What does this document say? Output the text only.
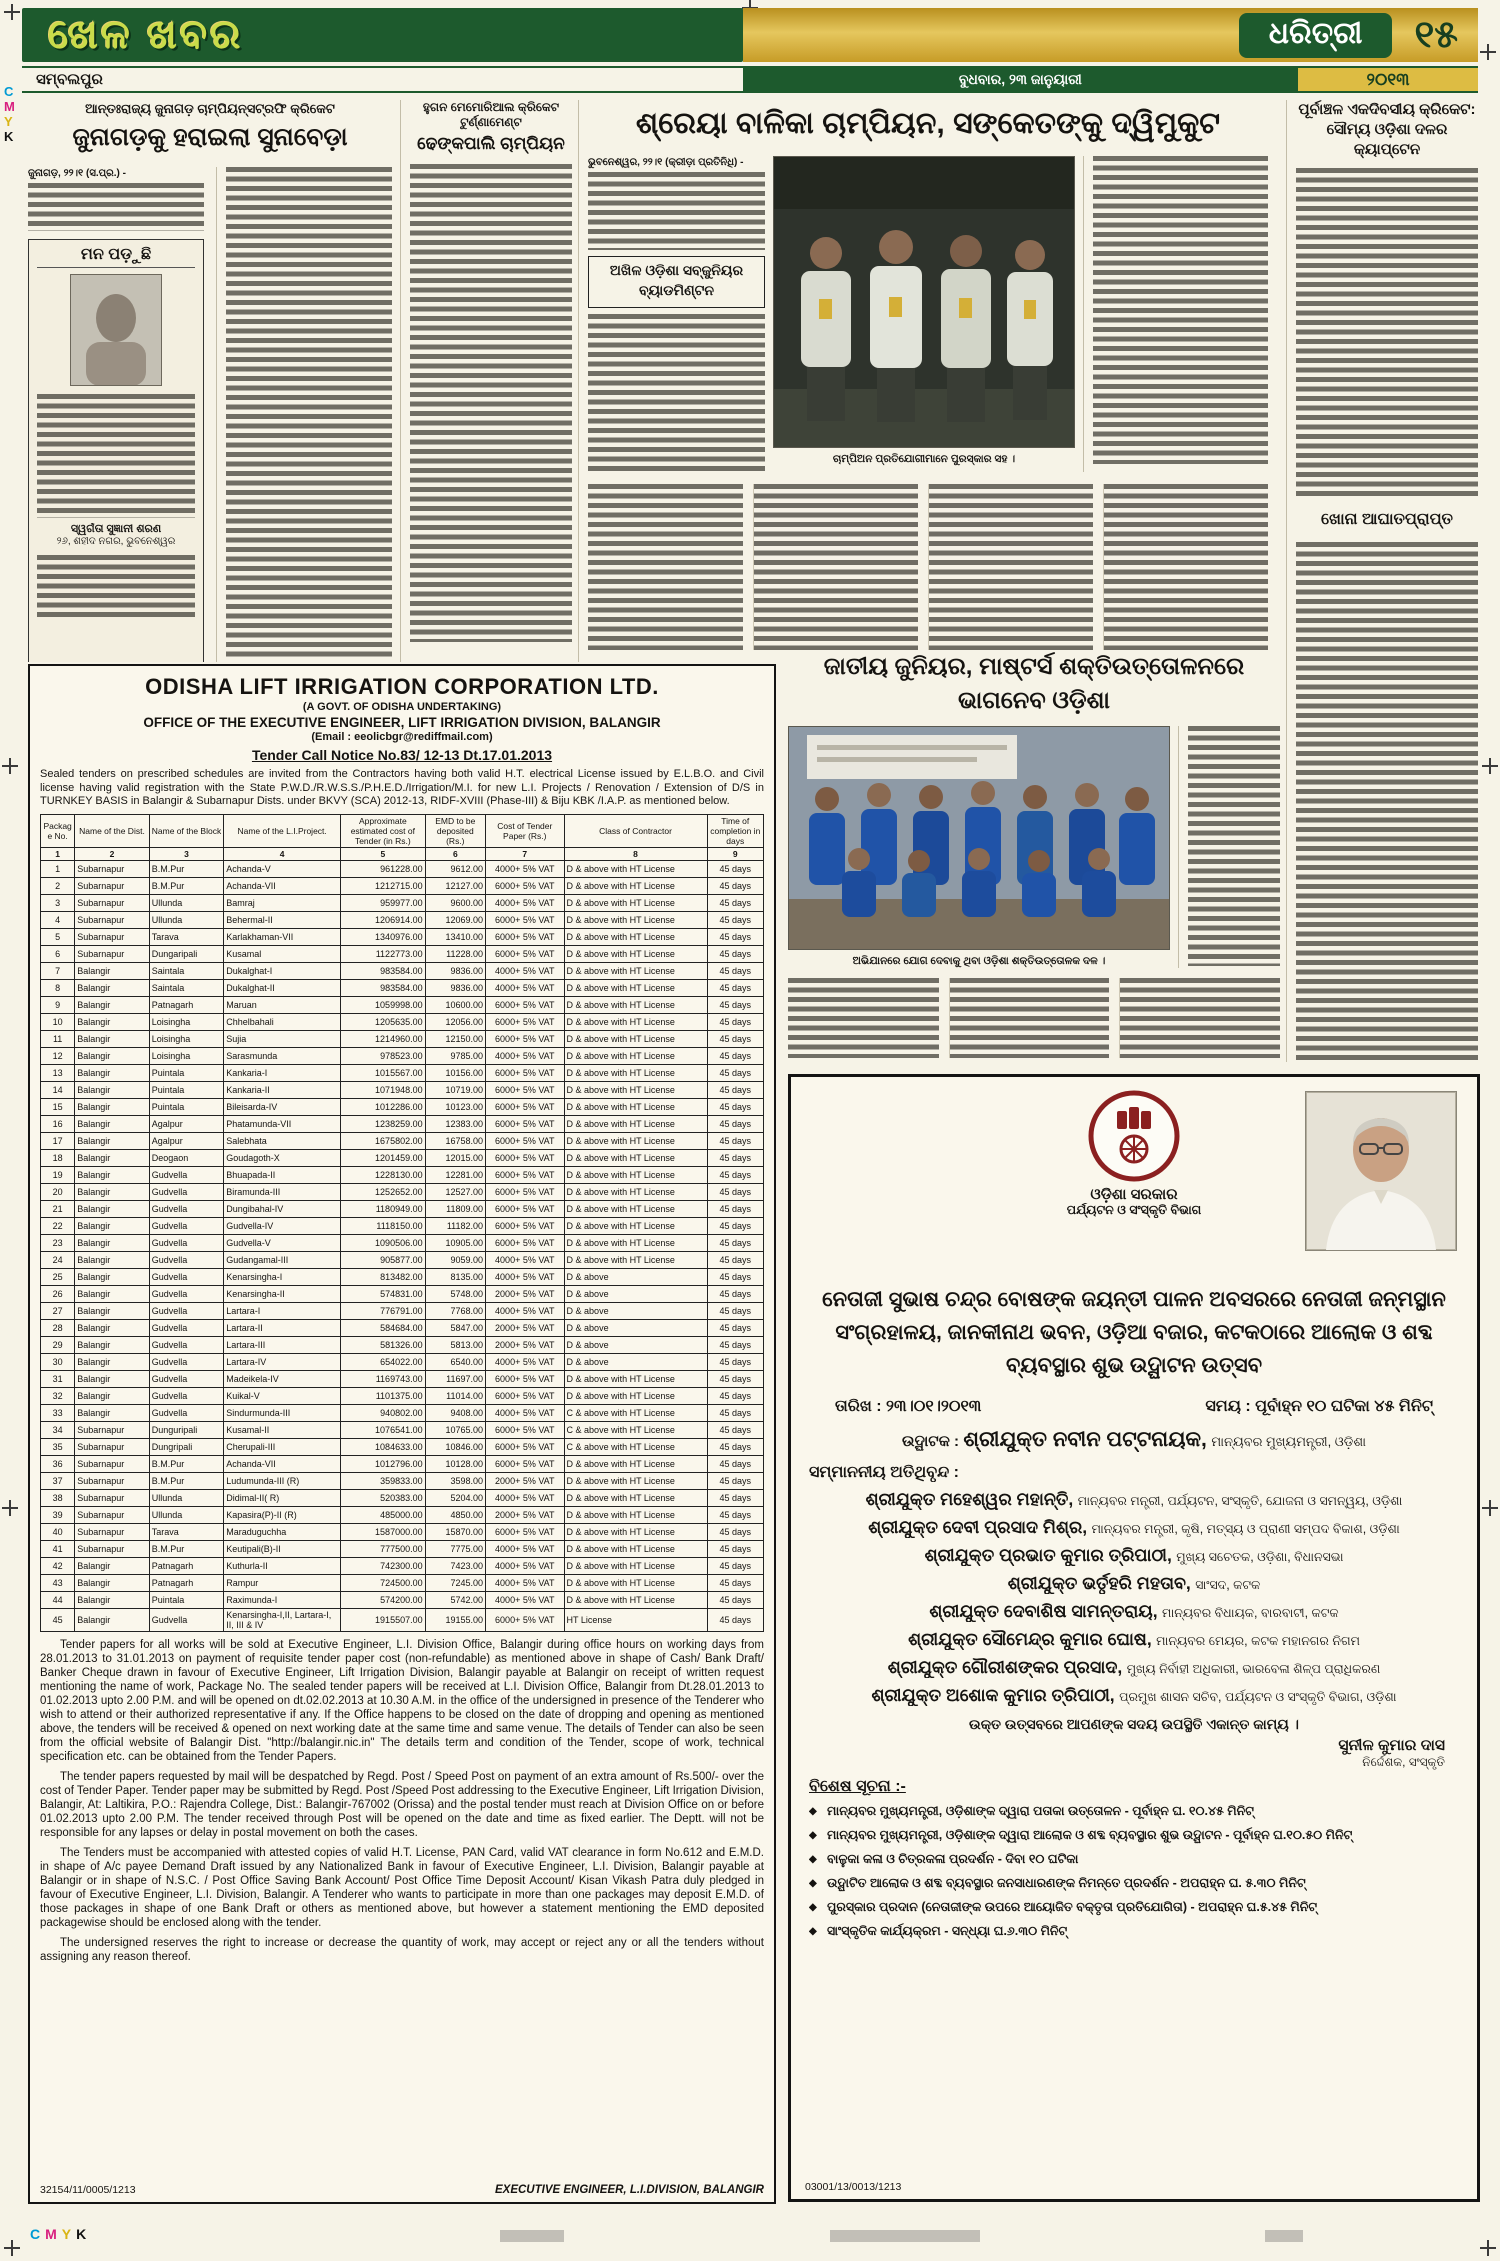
C
M
Y
K
C M Y K
ଖେଳ ଖବର	ଧରିତ୍ରୀ	୧୫
ସମ୍ବଲପୁର	ବୁଧବାର, ୨୩ ଜାନୁୟାରୀ	୨୦୧୩
ଆନ୍ତଃରାଜ୍ୟ ଜୁନାଗଡ଼ ଚାମ୍ପିୟନ୍ସଟ୍ରଫି କ୍ରିକେଟ
ଜୁନାଗଡ଼କୁ ହରାଇଲା ସୁନାବେଡ଼ା
ଜୁନାଗଡ଼, ୨୨।୧ (ସ.ପ୍ର.) -
ମନ ପଡ଼ୁଛି
ସ୍ୱର୍ଗତା ସୁଜ୍ଞାନୀ ଶରଣ
୨୬, ଶହୀଦ ନଗର, ଭୁବନେଶ୍ୱର
ହୁଗନ ମେମୋରିଆଲ କ୍ରିକେଟ ଟୁର୍ଣ୍ଣାମେଣ୍ଟ
ଢେଙ୍କପାଲି ଚାମ୍ପିୟନ
ଶ୍ରେୟା ବାଳିକା ଚାମ୍ପିୟନ, ସଙ୍କେତଙ୍କୁ ଦ୍ୱିମୁକୁଟ
ଭୁବନେଶ୍ୱର, ୨୨।୧ (କ୍ରୀଡ଼ା ପ୍ରତିନିଧି) -
ଅଖିଳ ଓଡ଼ିଶା ସବ୍‌ଜୁନିୟର ବ୍ୟାଡମିଣ୍ଟନ
ଚାମ୍ପିଅନ ପ୍ରତିଯୋଗୀମାନେ ପୁରସ୍କାର ସହ ।
ପୂର୍ବାଞ୍ଚଳ ଏକଦିବସୀୟ କ୍ରିକେଟ: ସୌମ୍ୟ ଓଡ଼ିଶା ଦଳର କ୍ୟାପ୍ଟେନ
ଖୋନା ଆଘାତପ୍ରାପ୍ତ
ଜାତୀୟ ଜୁନିୟର, ମାଷ୍ଟର୍ସ ଶକ୍ତିଉତ୍ତୋଳନରେ ଭାଗନେବ ଓଡ଼ିଶା
ଅଭିଯାନରେ ଯୋଗ ଦେବାକୁ ଥିବା ଓଡ଼ିଶା ଶକ୍ତିଉତ୍ତୋଳକ ଦଳ ।
ODISHA LIFT IRRIGATION CORPORATION LTD.
(A GOVT. OF ODISHA UNDERTAKING)
OFFICE OF THE EXECUTIVE ENGINEER, LIFT IRRIGATION DIVISION, BALANGIR
(Email : eeolicbgr@rediffmail.com)
Tender Call Notice No.83/ 12-13 Dt.17.01.2013
Sealed tenders on prescribed schedules are invited from the Contractors having both valid H.T. electrical License issued by E.L.B.O. and Civil license having valid registration with the State P.W.D./R.W.S.S./P.H.E.D./Irrigation/M.I. for new L.I. Projects / Renovation / Extension of D/S in TURNKEY BASIS in Balangir & Subarnapur Dists. under BKVY (SCA) 2012-13, RIDF-XVIII (Phase-III) & Biju KBK /I.A.P. as mentioned below.
Package No.	Name of the Dist.	Name of the Block	Name of the L.I.Project.	Approximate estimated cost of Tender (in Rs.)	EMD to be deposited (Rs.)	Cost of Tender Paper (Rs.)	Class of Contractor	Time of completion in days
1	2	3	4	5	6	7	8	9
1	Subarnapur	B.M.Pur	Achanda-V	961228.00	9612.00	4000+ 5% VAT	D & above with HT License	45 days
2	Subarnapur	B.M.Pur	Achanda-VII	1212715.00	12127.00	6000+ 5% VAT	D & above with HT License	45 days
3	Subarnapur	Ullunda	Bamraj	959977.00	9600.00	4000+ 5% VAT	D & above with HT License	45 days
4	Subarnapur	Ullunda	Behermal-II	1206914.00	12069.00	6000+ 5% VAT	D & above with HT License	45 days
5	Subarnapur	Tarava	Karlakhaman-VII	1340976.00	13410.00	6000+ 5% VAT	D & above with HT License	45 days
6	Subarnapur	Dungaripali	Kusamal	1122773.00	11228.00	6000+ 5% VAT	D & above with HT License	45 days
7	Balangir	Saintala	Dukalghat-I	983584.00	9836.00	4000+ 5% VAT	D & above with HT License	45 days
8	Balangir	Saintala	Dukalghat-II	983584.00	9836.00	4000+ 5% VAT	D & above with HT License	45 days
9	Balangir	Patnagarh	Maruan	1059998.00	10600.00	6000+ 5% VAT	D & above with HT License	45 days
10	Balangir	Loisingha	Chhelbahali	1205635.00	12056.00	6000+ 5% VAT	D & above with HT License	45 days
11	Balangir	Loisingha	Sujia	1214960.00	12150.00	6000+ 5% VAT	D & above with HT License	45 days
12	Balangir	Loisingha	Sarasmunda	978523.00	9785.00	4000+ 5% VAT	D & above with HT License	45 days
13	Balangir	Puintala	Kankaria-I	1015567.00	10156.00	6000+ 5% VAT	D & above with HT License	45 days
14	Balangir	Puintala	Kankaria-II	1071948.00	10719.00	6000+ 5% VAT	D & above with HT License	45 days
15	Balangir	Puintala	Bileisarda-IV	1012286.00	10123.00	6000+ 5% VAT	D & above with HT License	45 days
16	Balangir	Agalpur	Phatamunda-VII	1238259.00	12383.00	6000+ 5% VAT	D & above with HT License	45 days
17	Balangir	Agalpur	Salebhata	1675802.00	16758.00	6000+ 5% VAT	D & above with HT License	45 days
18	Balangir	Deogaon	Goudagoth-X	1201459.00	12015.00	6000+ 5% VAT	D & above with HT License	45 days
19	Balangir	Gudvella	Bhuapada-II	1228130.00	12281.00	6000+ 5% VAT	D & above with HT License	45 days
20	Balangir	Gudvella	Biramunda-III	1252652.00	12527.00	6000+ 5% VAT	D & above with HT License	45 days
21	Balangir	Gudvella	Dungibahal-IV	1180949.00	11809.00	6000+ 5% VAT	D & above with HT License	45 days
22	Balangir	Gudvella	Gudvella-IV	1118150.00	11182.00	6000+ 5% VAT	D & above with HT License	45 days
23	Balangir	Gudvella	Gudvella-V	1090506.00	10905.00	6000+ 5% VAT	D & above with HT License	45 days
24	Balangir	Gudvella	Gudangamal-III	905877.00	9059.00	4000+ 5% VAT	D & above with HT License	45 days
25	Balangir	Gudvella	Kenarsingha-I	813482.00	8135.00	4000+ 5% VAT	D & above	45 days
26	Balangir	Gudvella	Kenarsingha-II	574831.00	5748.00	2000+ 5% VAT	D & above	45 days
27	Balangir	Gudvella	Lartara-I	776791.00	7768.00	4000+ 5% VAT	D & above	45 days
28	Balangir	Gudvella	Lartara-II	584684.00	5847.00	2000+ 5% VAT	D & above	45 days
29	Balangir	Gudvella	Lartara-III	581326.00	5813.00	2000+ 5% VAT	D & above	45 days
30	Balangir	Gudvella	Lartara-IV	654022.00	6540.00	4000+ 5% VAT	D & above	45 days
31	Balangir	Gudvella	Madeikela-IV	1169743.00	11697.00	6000+ 5% VAT	D & above with HT License	45 days
32	Balangir	Gudvella	Kuikal-V	1101375.00	11014.00	6000+ 5% VAT	D & above with HT License	45 days
33	Balangir	Gudvella	Sindurmunda-III	940802.00	9408.00	4000+ 5% VAT	C & above with HT License	45 days
34	Subarnapur	Dunguripali	Kusamal-II	1076541.00	10765.00	6000+ 5% VAT	C & above with HT License	45 days
35	Subarnapur	Dungripali	Cherupali-III	1084633.00	10846.00	6000+ 5% VAT	C & above with HT License	45 days
36	Subarnapur	B.M.Pur	Achanda-VII	1012796.00	10128.00	6000+ 5% VAT	D & above with HT License	45 days
37	Subarnapur	B.M.Pur	Ludumunda-III (R)	359833.00	3598.00	2000+ 5% VAT	D & above with HT License	45 days
38	Subarnapur	Ullunda	Didimal-II( R)	520383.00	5204.00	4000+ 5% VAT	D & above with HT License	45 days
39	Subarnapur	Ullunda	Kapasira(P)-II (R)	485000.00	4850.00	2000+ 5% VAT	D & above with HT License	45 days
40	Subarnapur	Tarava	Maraduguchha	1587000.00	15870.00	6000+ 5% VAT	D & above with HT License	45 days
41	Subarnapur	B.M.Pur	Keutipali(B)-II	777500.00	7775.00	4000+ 5% VAT	D & above with HT License	45 days
42	Balangir	Patnagarh	Kuthurla-II	742300.00	7423.00	4000+ 5% VAT	D & above with HT License	45 days
43	Balangir	Patnagarh	Rampur	724500.00	7245.00	4000+ 5% VAT	D & above with HT License	45 days
44	Balangir	Puintala	Raximunda-I	574200.00	5742.00	4000+ 5% VAT	D & above with HT License	45 days
45	Balangir	Gudvella	Kenarsingha-I,II, Lartara-I, II, III & IV	1915507.00	19155.00	6000+ 5% VAT	HT License	45 days
Tender papers for all works will be sold at Executive Engineer, L.I. Division Office, Balangir during office hours on working days from 28.01.2013 to 31.01.2013 on payment of requisite tender paper cost (non-refundable) as mentioned above in shape of Cash/ Bank Draft/ Banker Cheque drawn in favour of Executive Engineer, Lift Irrigation Division, Balangir payable at Balangir on receipt of written request mentioning the name of work, Package No. The sealed tender papers will be received at L.I. Division Office, Balangir from Dt.28.01.2013 to 01.02.2013 upto 2.00 P.M. and will be opened on dt.02.02.2013 at 10.30 A.M. in the office of the undersigned in presence of the Tenderer who wish to attend or their authorized representative if any. If the Office happens to be closed on the date of dropping and opening as mentioned above, the tenders will be received & opened on next working date at the same time and same venue. The details of Tender can also be seen from the official website of Balangir Dist. "http://balangir.nic.in" The details term and condition of the Tender, scope of work, technical specification etc. can be obtained from the Tender Papers.
The tender papers requested by mail will be despatched by Regd. Post / Speed Post on payment of an extra amount of Rs.500/- over the cost of Tender Paper. Tender paper may be submitted by Regd. Post /Speed Post addressing to the Executive Engineer, Lift Irrigation Division, Balangir, At: Laltikira, P.O.: Rajendra College, Dist.: Balangir-767002 (Orissa) and the postal tender must reach at Division Office on or before 01.02.2013 upto 2.00 P.M. The tender received through Post will be opened on the date and time as fixed earlier. The Deptt. will not be responsible for any lapses or delay in postal movement on both the cases.
The Tenders must be accompanied with attested copies of valid H.T. License, PAN Card, valid VAT clearance in form No.612 and E.M.D. in shape of A/c payee Demand Draft issued by any Nationalized Bank in favour of Executive Engineer, L.I. Division, Balangir payable at Balangir or in shape of N.S.C. / Post Office Saving Bank Account/ Post Office Time Deposit Account/ Kisan Vikash Patra duly pledged in favour of Executive Engineer, L.I. Division, Balangir. A Tenderer who wants to participate in more than one packages may deposit E.M.D. of those packages in shape of one Bank Draft or others as mentioned above, but however a statement mentioning the EMD deposited packagewise should be enclosed along with the tender.
The undersigned reserves the right to increase or decrease the quantity of work, may accept or reject any or all the tenders without assigning any reason thereof.
32154/11/0005/1213	EXECUTIVE ENGINEER, L.I.DIVISION, BALANGIR
ଓଡ଼ିଶା ସରକାର
ପର୍ଯ୍ୟଟନ ଓ ସଂସ୍କୃତି ବିଭାଗ
ନେତାଜୀ ସୁଭାଷ ଚନ୍ଦ୍ର ବୋଷଙ୍କ ଜୟନ୍ତୀ ପାଳନ ଅବସରରେ ନେତାଜୀ ଜନ୍ମସ୍ଥାନ ସଂଗ୍ରହାଳୟ, ଜାନକୀନାଥ ଭବନ, ଓଡ଼ିଆ ବଜାର, କଟକଠାରେ ଆଲୋକ ଓ ଶବ୍ଦ ବ୍ୟବସ୍ଥାର ଶୁଭ ଉଦ୍ଘାଟନ ଉତ୍ସବ
ତାରିଖ : ୨୩।୦୧।୨୦୧୩	ସମୟ : ପୂର୍ବାହ୍ନ ୧୦ ଘଟିକା ୪୫ ମିନିଟ୍
ଉଦ୍ଘାଟକ : ଶ୍ରୀଯୁକ୍ତ ନବୀନ ପଟ୍ଟନାୟକ, ମାନ୍ୟବର ମୁଖ୍ୟମନ୍ତ୍ରୀ, ଓଡ଼ିଶା
ସମ୍ମାନନୀୟ ଅତିଥିବୃନ୍ଦ :
ଶ୍ରୀଯୁକ୍ତ ମହେଶ୍ୱର ମହାନ୍ତି, ମାନ୍ୟବର ମନ୍ତ୍ରୀ, ପର୍ଯ୍ୟଟନ, ସଂସ୍କୃତି, ଯୋଜନା ଓ ସମନ୍ୱୟ, ଓଡ଼ିଶା
ଶ୍ରୀଯୁକ୍ତ ଦେବୀ ପ୍ରସାଦ ମିଶ୍ର, ମାନ୍ୟବର ମନ୍ତ୍ରୀ, କୃଷି, ମତ୍ସ୍ୟ ଓ ପ୍ରାଣୀ ସମ୍ପଦ ବିକାଶ, ଓଡ଼ିଶା
ଶ୍ରୀଯୁକ୍ତ ପ୍ରଭାତ କୁମାର ତ୍ରିପାଠୀ, ମୁଖ୍ୟ ସଚେତକ, ଓଡ଼ିଶା, ବିଧାନସଭା
ଶ୍ରୀଯୁକ୍ତ ଭର୍ତୃହରି ମହତାବ, ସାଂସଦ, କଟକ
ଶ୍ରୀଯୁକ୍ତ ଦେବାଶିଷ ସାମନ୍ତରାୟ, ମାନ୍ୟବର ବିଧାୟକ, ବାରବାଟୀ, କଟକ
ଶ୍ରୀଯୁକ୍ତ ସୌମେନ୍ଦ୍ର କୁମାର ଘୋଷ, ମାନ୍ୟବର ମେୟର, କଟକ ମହାନଗର ନିଗମ
ଶ୍ରୀଯୁକ୍ତ ଗୌରୀଶଙ୍କର ପ୍ରସାଦ, ମୁଖ୍ୟ ନିର୍ବାହୀ ଅଧିକାରୀ, ଭାରବେଳା ଶିଳ୍ପ ପ୍ରାଧିକରଣ
ଶ୍ରୀଯୁକ୍ତ ଅଶୋକ କୁମାର ତ୍ରିପାଠୀ, ପ୍ରମୁଖ ଶାସନ ସଚିବ, ପର୍ଯ୍ୟଟନ ଓ ସଂସ୍କୃତି ବିଭାଗ, ଓଡ଼ିଶା
ଉକ୍ତ ଉତ୍ସବରେ ଆପଣଙ୍କ ସଦୟ ଉପସ୍ଥିତି ଏକାନ୍ତ କାମ୍ୟ ।
ସୁନୀଳ କୁମାର ଦାସ
ନିର୍ଦ୍ଦେଶକ, ସଂସ୍କୃତି
ବିଶେଷ ସୂଚନା :-
◆ ମାନ୍ୟବର ମୁଖ୍ୟମନ୍ତ୍ରୀ, ଓଡ଼ିଶାଙ୍କ ଦ୍ୱାରା ପତାକା ଉତ୍ତୋଳନ - ପୂର୍ବାହ୍ନ ଘ. ୧୦.୪୫ ମିନିଟ୍
◆ ମାନ୍ୟବର ମୁଖ୍ୟମନ୍ତ୍ରୀ, ଓଡ଼ିଶାଙ୍କ ଦ୍ୱାରା ଆଲୋକ ଓ ଶବ୍ଦ ବ୍ୟବସ୍ଥାର ଶୁଭ ଉଦ୍ଘାଟନ - ପୂର୍ବାହ୍ନ ଘ.୧୦.୫୦ ମିନିଟ୍
◆ ବାଳୁକା କଳା ଓ ଚିତ୍ରକଳା ପ୍ରଦର୍ଶନ - ଦିବା ୧୦ ଘଟିକା
◆ ଉଦ୍ଘାଟିତ ଆଲୋକ ଓ ଶବ୍ଦ ବ୍ୟବସ୍ଥାର ଜନସାଧାରଣଙ୍କ ନିମନ୍ତେ ପ୍ରଦର୍ଶନ - ଅପରାହ୍ନ ଘ. ୫.୩୦ ମିନିଟ୍
◆ ପୁରସ୍କାର ପ୍ରଦାନ (ନେତାଜୀଙ୍କ ଉପରେ ଆୟୋଜିତ ବକ୍ତୃତା ପ୍ରତିଯୋଗିତା) - ଅପରାହ୍ନ ଘ.୫.୪୫ ମିନିଟ୍
◆ ସାଂସ୍କୃତିକ କାର୍ଯ୍ୟକ୍ରମ - ସନ୍ଧ୍ୟା ଘ.୬.୩୦ ମିନିଟ୍
03001/13/0013/1213
